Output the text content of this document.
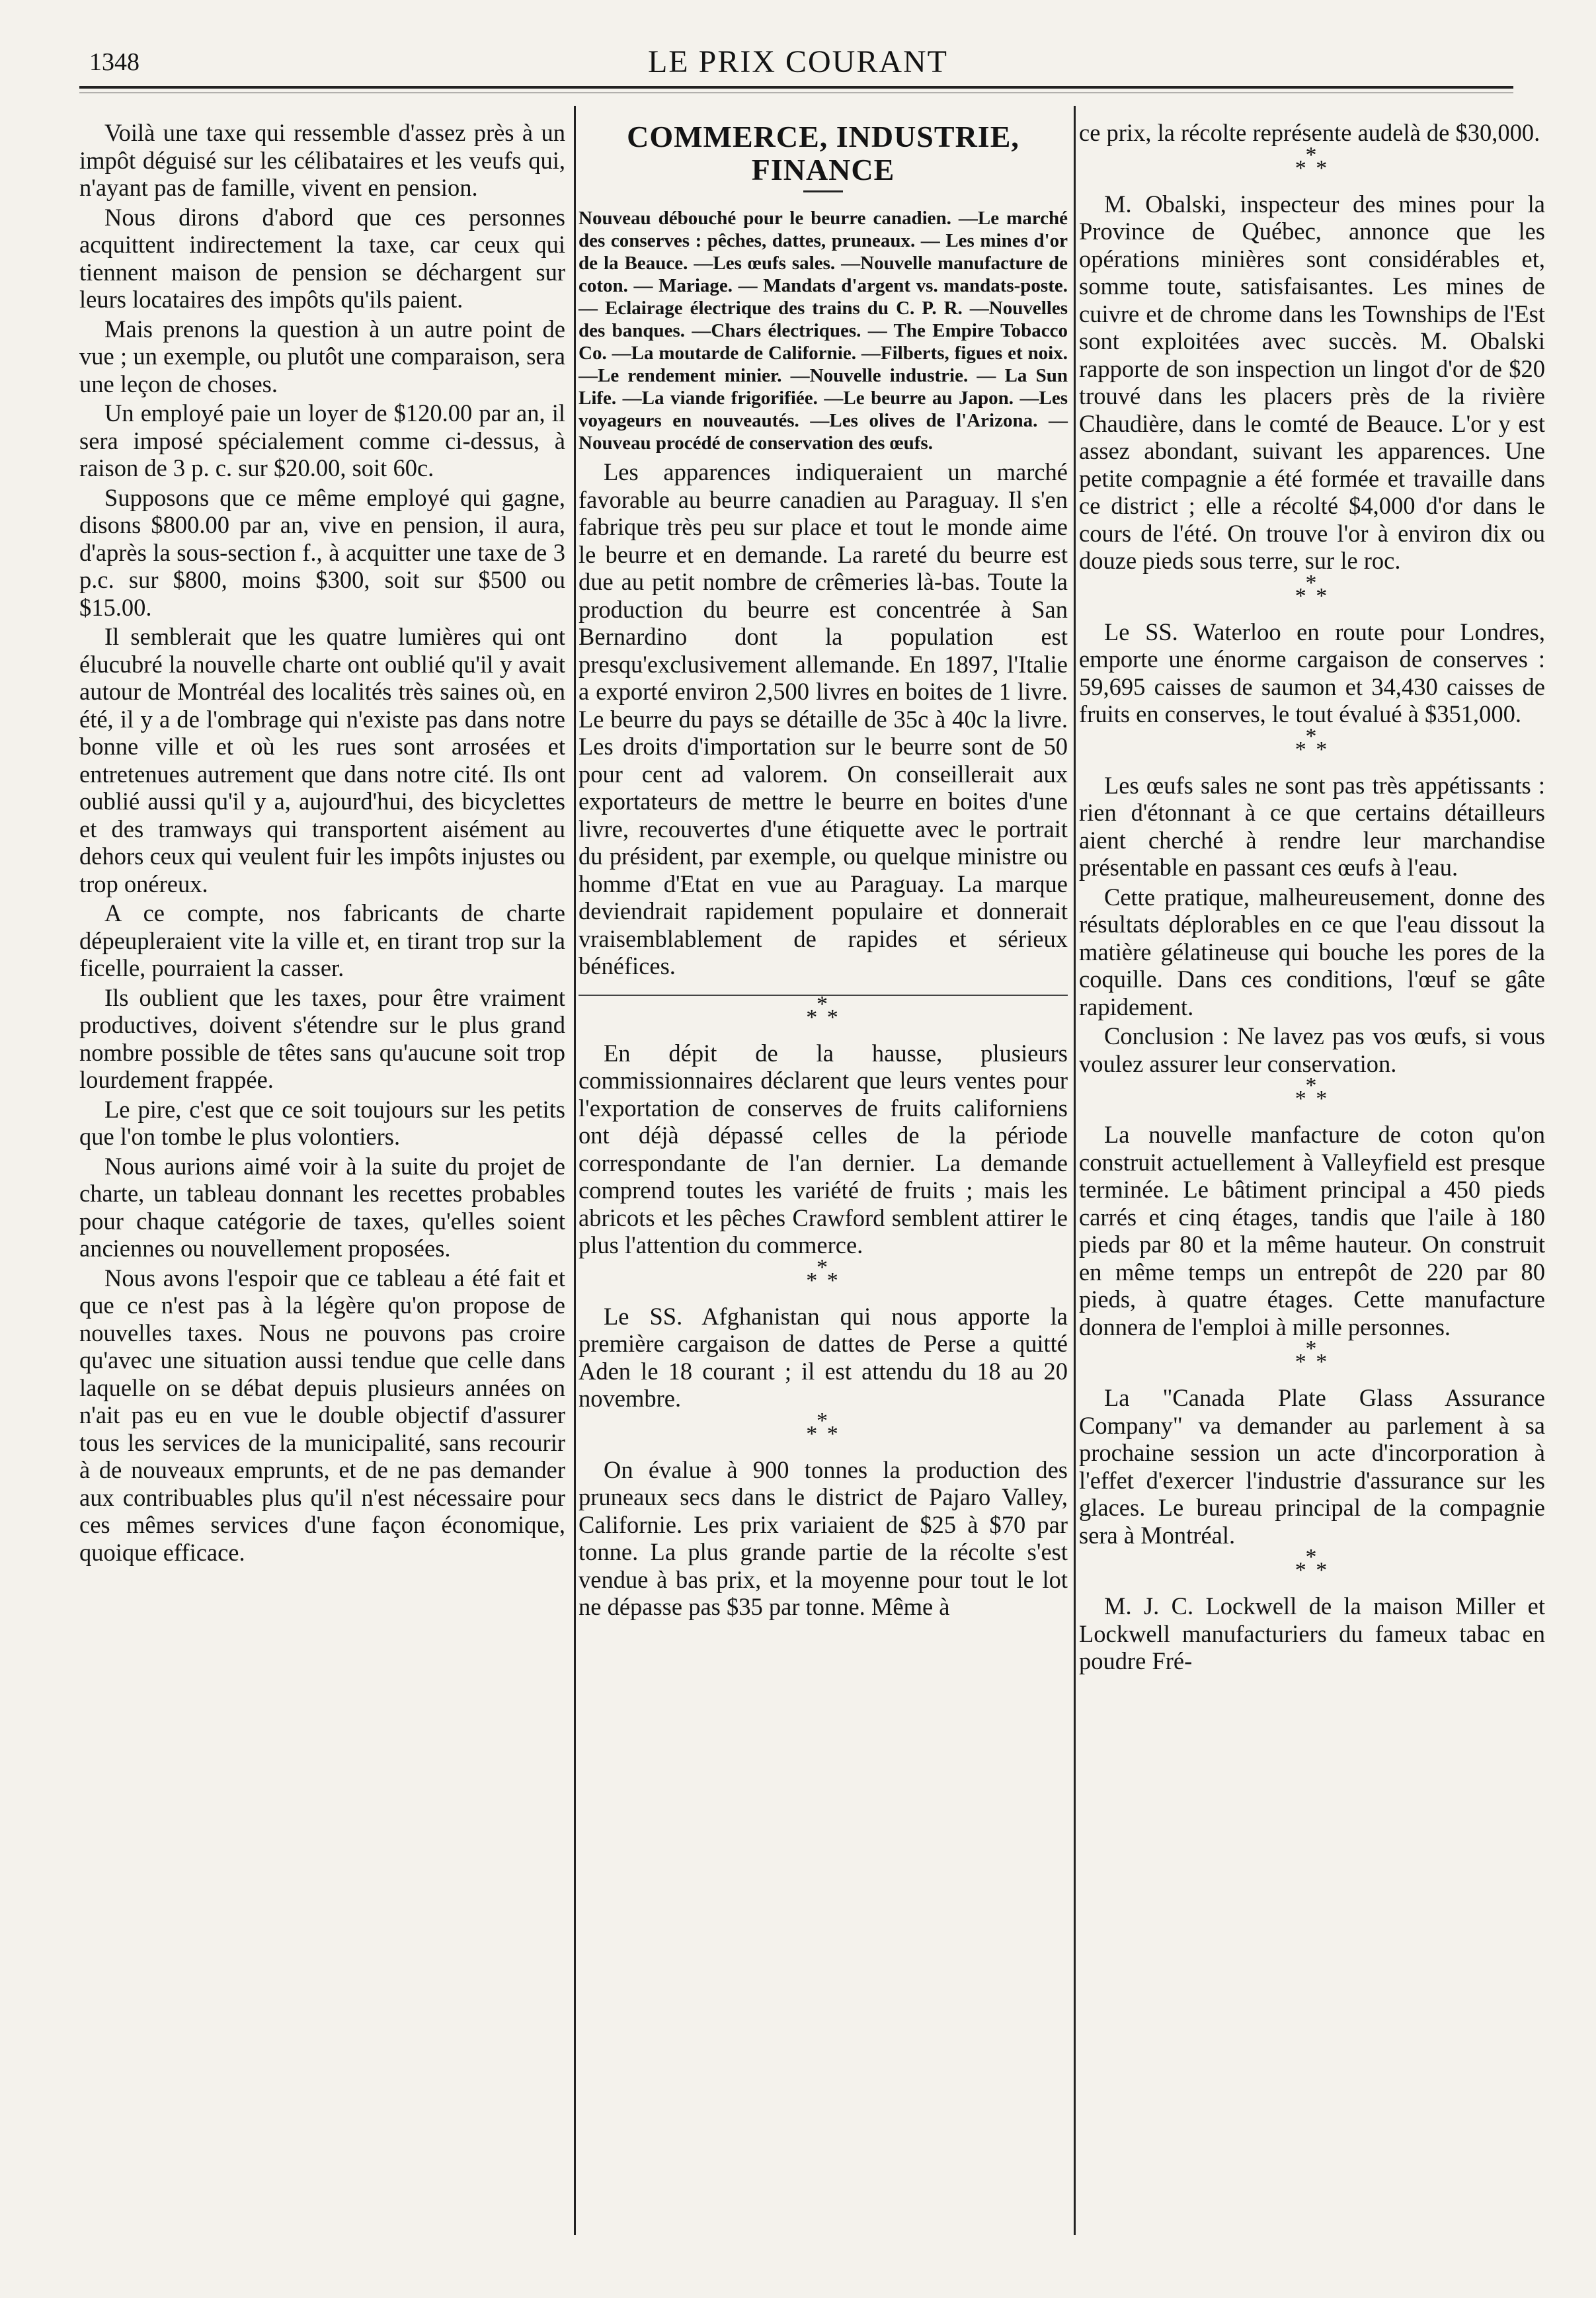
1348	LE PRIX COURANT

Voilà une taxe qui ressemble d'assez près à un impôt déguisé sur les célibataires et les veufs qui, n'ayant pas de famille, vivent en pension.

Nous dirons d'abord que ces personnes acquittent indirectement la taxe, car ceux qui tiennent maison de pension se déchargent sur leurs locataires des impôts qu'ils paient.

Mais prenons la question à un autre point de vue ; un exemple, ou plutôt une comparaison, sera une leçon de choses.

Un employé paie un loyer de $120.00 par an, il sera imposé spécialement comme ci-dessus, à raison de 3 p. c. sur $20.00, soit 60c.

Supposons que ce même employé qui gagne, disons $800.00 par an, vive en pension, il aura, d'après la sous-section f., à acquitter une taxe de 3 p.c. sur $800, moins $300, soit sur $500 ou $15.00.

Il semblerait que les quatre lumières qui ont élucubré la nouvelle charte ont oublié qu'il y avait autour de Montréal des localités très saines où, en été, il y a de l'ombrage qui n'existe pas dans notre bonne ville et où les rues sont arrosées et entretenues autrement que dans notre cité. Ils ont oublié aussi qu'il y a, aujourd'hui, des bicyclettes et des tramways qui transportent aisément au dehors ceux qui veulent fuir les impôts injustes ou trop onéreux.

A ce compte, nos fabricants de charte dépeupleraient vite la ville et, en tirant trop sur la ficelle, pourraient la casser.

Ils oublient que les taxes, pour être vraiment productives, doivent s'étendre sur le plus grand nombre possible de têtes sans qu'aucune soit trop lourdement frappée.

Le pire, c'est que ce soit toujours sur les petits que l'on tombe le plus volontiers.

Nous aurions aimé voir à la suite du projet de charte, un tableau donnant les recettes probables pour chaque catégorie de taxes, qu'elles soient anciennes ou nouvellement proposées.

Nous avons l'espoir que ce tableau a été fait et que ce n'est pas à la légère qu'on propose de nouvelles taxes. Nous ne pouvons pas croire qu'avec une situation aussi tendue que celle dans laquelle on se débat depuis plusieurs années on n'ait pas eu en vue le double objectif d'assurer tous les services de la municipalité, sans recourir à de nouveaux emprunts, et de ne pas demander aux contribuables plus qu'il n'est nécessaire pour ces mêmes services d'une façon économique, quoique efficace.

COMMERCE, INDUSTRIE, FINANCE
Nouveau débouché pour le beurre canadien. —Le marché des conserves : pêches, dattes, pruneaux. — Les mines d'or de la Beauce. —Les œufs sales. —Nouvelle manufacture de coton. — Mariage. — Mandats d'argent vs. mandats-poste. — Eclairage électrique des trains du C. P. R. —Nouvelles des banques. —Chars électriques. — The Empire Tobacco Co. —La moutarde de Californie. —Filberts, figues et noix. —Le rendement minier. —Nouvelle industrie. — La Sun Life. —La viande frigorifiée. —Le beurre au Japon. —Les voyageurs en nouveautés. —Les olives de l'Arizona. —Nouveau procédé de conservation des œufs.

Les apparences indiqueraient un marché favorable au beurre canadien au Paraguay. Il s'en fabrique très peu sur place et tout le monde aime le beurre et en demande. La rareté du beurre est due au petit nombre de crêmeries là-bas. Toute la production du beurre est concentrée à San Bernardino dont la population est presqu'exclusivement allemande. En 1897, l'Italie a exporté environ 2,500 livres en boites de 1 livre. Le beurre du pays se détaille de 35c à 40c la livre. Les droits d'importation sur le beurre sont de 50 pour cent ad valorem. On conseillerait aux exportateurs de mettre le beurre en boites d'une livre, recouvertes d'une étiquette avec le portrait du président, par exemple, ou quelque ministre ou homme d'Etat en vue au Paraguay. La marque deviendrait rapidement populaire et donnerait vraisemblablement de rapides et sérieux bénéfices.

*
* *

En dépit de la hausse, plusieurs commissionnaires déclarent que leurs ventes pour l'exportation de conserves de fruits californiens ont déjà dépassé celles de la période correspondante de l'an dernier. La demande comprend toutes les variété de fruits ; mais les abricots et les pêches Crawford semblent attirer le plus l'attention du commerce.

*
* *

Le SS. Afghanistan qui nous apporte la première cargaison de dattes de Perse a quitté Aden le 18 courant ; il est attendu du 18 au 20 novembre.

*
* *

On évalue à 900 tonnes la production des pruneaux secs dans le district de Pajaro Valley, Californie. Les prix variaient de $25 à $70 par tonne. La plus grande partie de la récolte s'est vendue à bas prix, et la moyenne pour tout le lot ne dépasse pas $35 par tonne. Même à

ce prix, la récolte représente audelà de $30,000.

*
* *

M. Obalski, inspecteur des mines pour la Province de Québec, annonce que les opérations minières sont considérables et, somme toute, satisfaisantes. Les mines de cuivre et de chrome dans les Townships de l'Est sont exploitées avec succès. M. Obalski rapporte de son inspection un lingot d'or de $20 trouvé dans les placers près de la rivière Chaudière, dans le comté de Beauce. L'or y est assez abondant, suivant les apparences. Une petite compagnie a été formée et travaille dans ce district ; elle a récolté $4,000 d'or dans le cours de l'été. On trouve l'or à environ dix ou douze pieds sous terre, sur le roc.

*
* *

Le SS. Waterloo en route pour Londres, emporte une énorme cargaison de conserves : 59,695 caisses de saumon et 34,430 caisses de fruits en conserves, le tout évalué à $351,000.

*
* *

Les œufs sales ne sont pas très appétissants : rien d'étonnant à ce que certains détailleurs aient cherché à rendre leur marchandise présentable en passant ces œufs à l'eau.

Cette pratique, malheureusement, donne des résultats déplorables en ce que l'eau dissout la matière gélatineuse qui bouche les pores de la coquille. Dans ces conditions, l'œuf se gâte rapidement.

Conclusion : Ne lavez pas vos œufs, si vous voulez assurer leur conservation.

*
* *

La nouvelle manfacture de coton qu'on construit actuellement à Valleyfield est presque terminée. Le bâtiment principal a 450 pieds carrés et cinq étages, tandis que l'aile à 180 pieds par 80 et la même hauteur. On construit en même temps un entrepôt de 220 par 80 pieds, à quatre étages. Cette manufacture donnera de l'emploi à mille personnes.

*
* *

La "Canada Plate Glass Assurance Company" va demander au parlement à sa prochaine session un acte d'incorporation à l'effet d'exercer l'industrie d'assurance sur les glaces. Le bureau principal de la compagnie sera à Montréal.

*
* *

M. J. C. Lockwell de la maison Miller et Lockwell manufacturiers du fameux tabac en poudre Fré-
